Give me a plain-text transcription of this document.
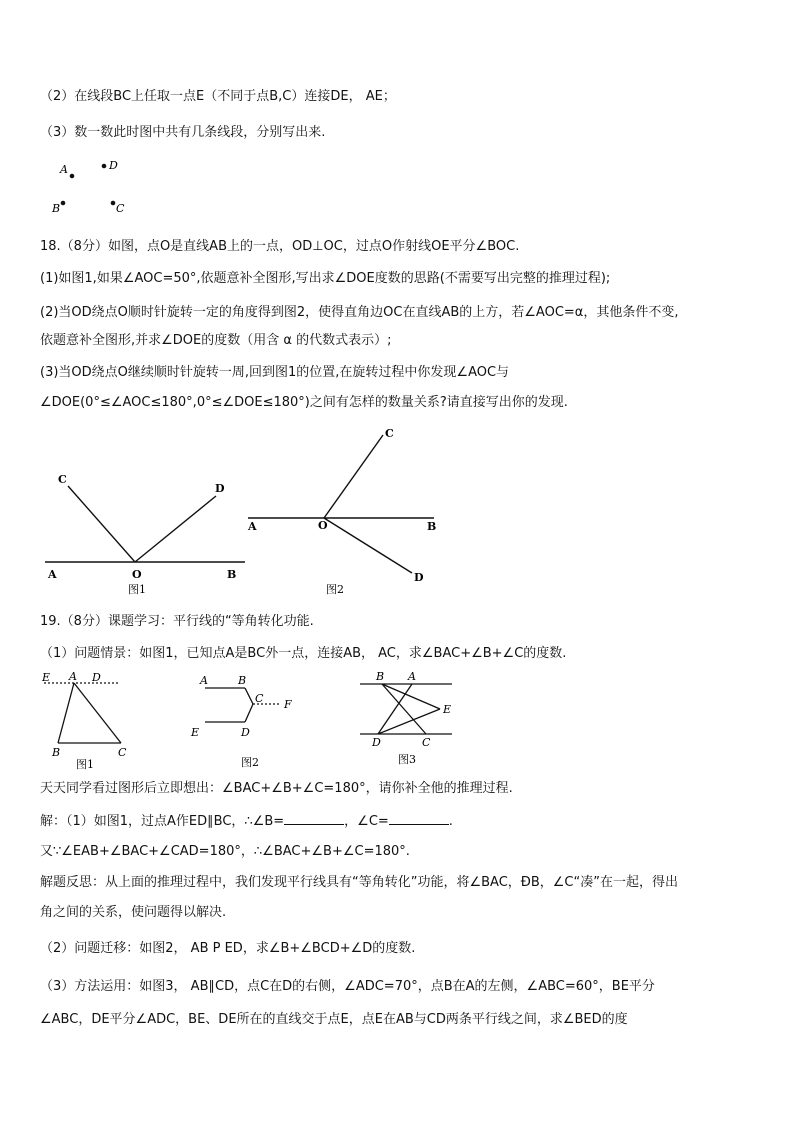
（2）在线段BC上任取一点E（不同于点B,C）连接DE， AE；
（3）数一数此时图中共有几条线段，分别写出来.
A	D
B	C
18.（8分）如图，点O是直线AB上的一点，OD⊥OC，过点O作射线OE平分∠BOC.
(1)如图1,如果∠AOC=50°,依题意补全图形,写出求∠DOE度数的思路(不需要写出完整的推理过程);
(2)当OD绕点O顺时针旋转一定的角度得到图2，使得直角边OC在直线AB的上方，若∠AOC=α，其他条件不变,
依题意补全图形,并求∠DOE的度数（用含 α 的代数式表示）;
(3)当OD绕点O继续顺时针旋转一周,回到图1的位置,在旋转过程中你发现∠AOC与
∠DOE(0°≤∠AOC≤180°,0°≤∠DOE≤180°)之间有怎样的数量关系?请直接写出你的发现.
C
D
A	O	B
图1
C
A	O	B
D
图2
19.（8分）课题学习：平行线的“等角转化功能.
（1）问题情景：如图1，已知点A是BC外一点，连接AB， AC，求∠BAC+∠B+∠C的度数.
E A D
B	C
图1
A	B
C F
E	D
图2
B A
E
D	C
图3
天天同学看过图形后立即想出：∠BAC+∠B+∠C=180°，请你补全他的推理过程.
解：（1）如图1，过点A作ED∥BC，∴∠B=	，∠C=	.
又∵∠EAB+∠BAC+∠CAD=180°，∴∠BAC+∠B+∠C=180°.
解题反思：从上面的推理过程中，我们发现平行线具有“等角转化”功能，将∠BAC，ÐB，∠C“凑”在一起，得出
角之间的关系，使问题得以解决.
（2）问题迁移：如图2， AB P ED，求∠B+∠BCD+∠D的度数.
（3）方法运用：如图3， AB∥CD，点C在D的右侧，∠ADC=70°，点B在A的左侧，∠ABC=60°，BE平分
∠ABC，DE平分∠ADC，BE、DE所在的直线交于点E，点E在AB与CD两条平行线之间，求∠BED的度
